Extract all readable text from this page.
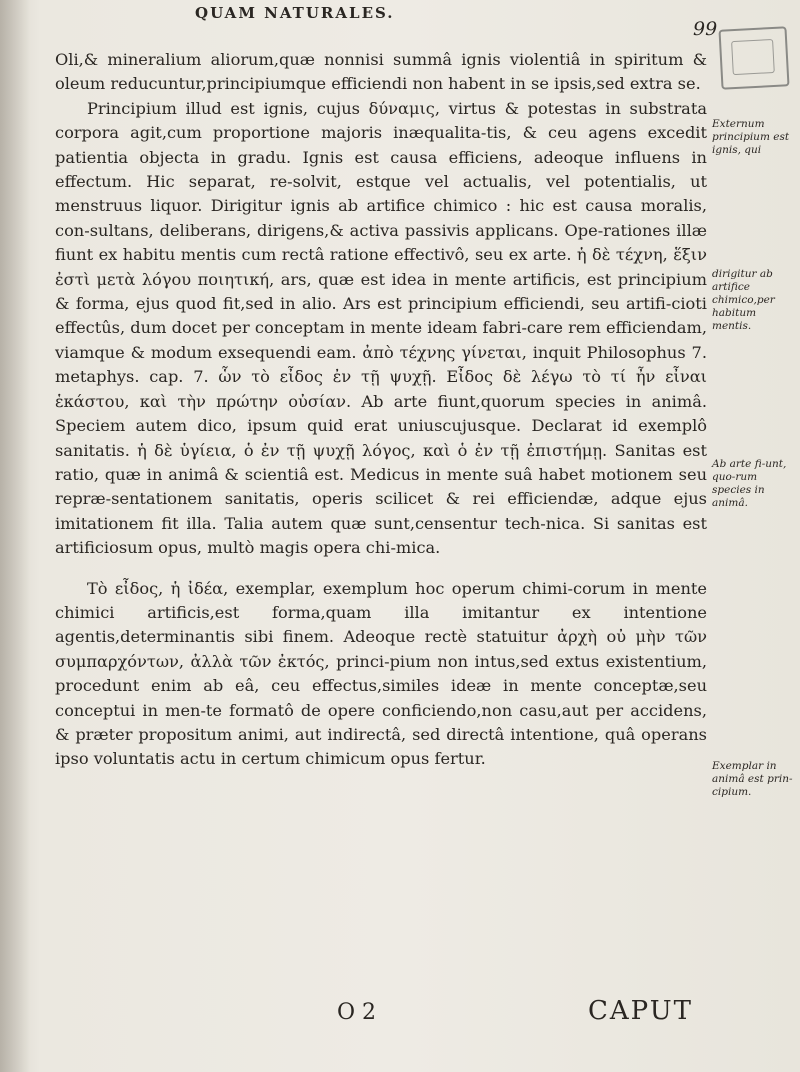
QUAM NATURALES.
99

Oli,& mineralium aliorum,quæ nonnisi summâ ignis violentiâ in spiritum & oleum reducuntur,principiumque efficiendi non habent in se ipsis,sed extra se.

Principium illud est ignis, cujus δύναμις, virtus & potestas in substrata corpora agit,cum proportione majoris inæqualita-tis, & ceu agens excedit patientia objecta in gradu. Ignis est causa efficiens, adeoque influens in effectum. Hic separat, re-solvit, estque vel actualis, vel potentialis, ut menstruus liquor. Dirigitur ignis ab artifice chimico : hic est causa moralis, con-sultans, deliberans, dirigens,& activa passivis applicans. Ope-rationes illæ fiunt ex habitu mentis cum rectâ ratione effectivô, seu ex arte. ἡ δὲ τέχνη, ἕξιν ἐστὶ μετὰ λόγου ποιητική, ars, quæ est idea in mente artificis, est principium & forma, ejus quod fit,sed in alio. Ars est principium efficiendi, seu artifi-cioti effectûs, dum docet per conceptam in mente ideam fabri-care rem efficiendam, viamque & modum exsequendi eam. ἀπὸ τέχνης γίνεται, inquit Philosophus 7. metaphys. cap. 7. ὧν τὸ εἶδος ἐν τῇ ψυχῇ. Εἶδος δὲ λέγω τὸ τί ἦν εἶναι ἑκάστου, καὶ τὴν πρώτην οὐσίαν. Ab arte fiunt,quorum species in animâ. Speciem autem dico, ipsum quid erat uniuscujusque. Declarat id exemplô sanitatis. ἡ δὲ ὑγίεια, ὁ ἐν τῇ ψυχῇ λόγος, καὶ ὁ ἐν τῇ ἐπιστήμῃ. Sanitas est ratio, quæ in animâ & scientiâ est. Medicus in mente suâ habet motionem seu repræ-sentationem sanitatis, operis scilicet & rei efficiendæ, adque ejus imitationem fit illa. Talia autem quæ sunt,censentur tech-nica. Si sanitas est artificiosum opus, multò magis opera chi-mica.

Τὸ εἶδος, ἡ ἰδέα, exemplar, exemplum hoc operum chimi-corum in mente chimici artificis,est forma,quam illa imitantur ex intentione agentis,determinantis sibi finem. Adeoque rectè statuitur ἀρχὴ οὐ μὴν τῶν συμπαρχόντων, ἀλλὰ τῶν ἐκτός, princi-pium non intus,sed extus existentium, procedunt enim ab eâ, ceu effectus,similes ideæ in mente conceptæ,seu conceptui in men-te formatô de opere conficiendo,non casu,aut per accidens, & præter propositum animi, aut indirectâ, sed directâ intentione, quâ operans ipso voluntatis actu in certum chimicum opus fertur.

Externum principium est ignis, qui
dirigitur ab artifice chimico,per habitum mentis.
Ab arte fi-unt, quo-rum species in animâ.
Exemplar in animâ est prin-cipium.
O 2	CAPUT
